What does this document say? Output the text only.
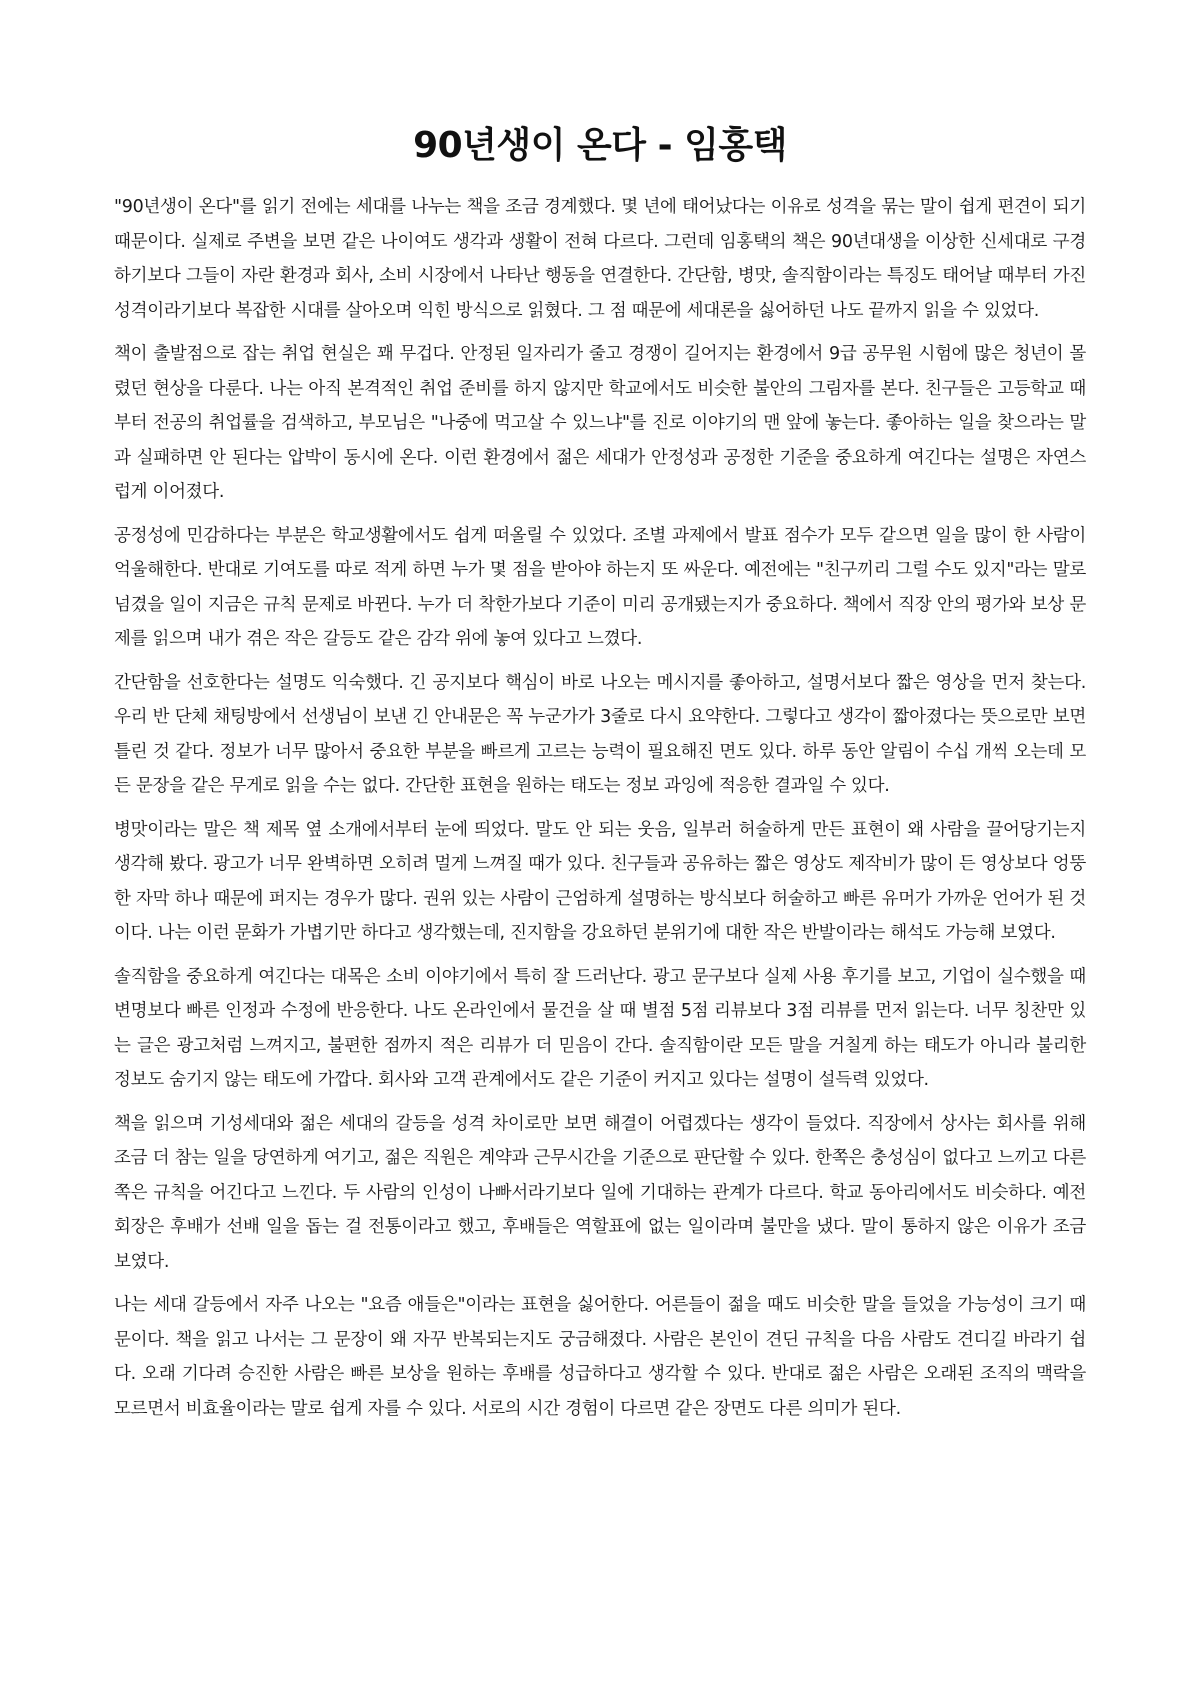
90년생이 온다 - 임홍택

"90년생이 온다"를 읽기 전에는 세대를 나누는 책을 조금 경계했다. 몇 년에 태어났다는 이유로 성격을 묶는 말이 쉽게 편견이 되기 때문이다. 실제로 주변을 보면 같은 나이여도 생각과 생활이 전혀 다르다. 그런데 임홍택의 책은 90년대생을 이상한 신세대로 구경하기보다 그들이 자란 환경과 회사, 소비 시장에서 나타난 행동을 연결한다. 간단함, 병맛, 솔직함이라는 특징도 태어날 때부터 가진 성격이라기보다 복잡한 시대를 살아오며 익힌 방식으로 읽혔다. 그 점 때문에 세대론을 싫어하던 나도 끝까지 읽을 수 있었다.

책이 출발점으로 잡는 취업 현실은 꽤 무겁다. 안정된 일자리가 줄고 경쟁이 길어지는 환경에서 9급 공무원 시험에 많은 청년이 몰렸던 현상을 다룬다. 나는 아직 본격적인 취업 준비를 하지 않지만 학교에서도 비슷한 불안의 그림자를 본다. 친구들은 고등학교 때부터 전공의 취업률을 검색하고, 부모님은 "나중에 먹고살 수 있느냐"를 진로 이야기의 맨 앞에 놓는다. 좋아하는 일을 찾으라는 말과 실패하면 안 된다는 압박이 동시에 온다. 이런 환경에서 젊은 세대가 안정성과 공정한 기준을 중요하게 여긴다는 설명은 자연스럽게 이어졌다.

공정성에 민감하다는 부분은 학교생활에서도 쉽게 떠올릴 수 있었다. 조별 과제에서 발표 점수가 모두 같으면 일을 많이 한 사람이 억울해한다. 반대로 기여도를 따로 적게 하면 누가 몇 점을 받아야 하는지 또 싸운다. 예전에는 "친구끼리 그럴 수도 있지"라는 말로 넘겼을 일이 지금은 규칙 문제로 바뀐다. 누가 더 착한가보다 기준이 미리 공개됐는지가 중요하다. 책에서 직장 안의 평가와 보상 문제를 읽으며 내가 겪은 작은 갈등도 같은 감각 위에 놓여 있다고 느꼈다.

간단함을 선호한다는 설명도 익숙했다. 긴 공지보다 핵심이 바로 나오는 메시지를 좋아하고, 설명서보다 짧은 영상을 먼저 찾는다. 우리 반 단체 채팅방에서 선생님이 보낸 긴 안내문은 꼭 누군가가 3줄로 다시 요약한다. 그렇다고 생각이 짧아졌다는 뜻으로만 보면 틀린 것 같다. 정보가 너무 많아서 중요한 부분을 빠르게 고르는 능력이 필요해진 면도 있다. 하루 동안 알림이 수십 개씩 오는데 모든 문장을 같은 무게로 읽을 수는 없다. 간단한 표현을 원하는 태도는 정보 과잉에 적응한 결과일 수 있다.

병맛이라는 말은 책 제목 옆 소개에서부터 눈에 띄었다. 말도 안 되는 웃음, 일부러 허술하게 만든 표현이 왜 사람을 끌어당기는지 생각해 봤다. 광고가 너무 완벽하면 오히려 멀게 느껴질 때가 있다. 친구들과 공유하는 짧은 영상도 제작비가 많이 든 영상보다 엉뚱한 자막 하나 때문에 퍼지는 경우가 많다. 권위 있는 사람이 근엄하게 설명하는 방식보다 허술하고 빠른 유머가 가까운 언어가 된 것이다. 나는 이런 문화가 가볍기만 하다고 생각했는데, 진지함을 강요하던 분위기에 대한 작은 반발이라는 해석도 가능해 보였다.

솔직함을 중요하게 여긴다는 대목은 소비 이야기에서 특히 잘 드러난다. 광고 문구보다 실제 사용 후기를 보고, 기업이 실수했을 때 변명보다 빠른 인정과 수정에 반응한다. 나도 온라인에서 물건을 살 때 별점 5점 리뷰보다 3점 리뷰를 먼저 읽는다. 너무 칭찬만 있는 글은 광고처럼 느껴지고, 불편한 점까지 적은 리뷰가 더 믿음이 간다. 솔직함이란 모든 말을 거칠게 하는 태도가 아니라 불리한 정보도 숨기지 않는 태도에 가깝다. 회사와 고객 관계에서도 같은 기준이 커지고 있다는 설명이 설득력 있었다.

책을 읽으며 기성세대와 젊은 세대의 갈등을 성격 차이로만 보면 해결이 어렵겠다는 생각이 들었다. 직장에서 상사는 회사를 위해 조금 더 참는 일을 당연하게 여기고, 젊은 직원은 계약과 근무시간을 기준으로 판단할 수 있다. 한쪽은 충성심이 없다고 느끼고 다른 쪽은 규칙을 어긴다고 느낀다. 두 사람의 인성이 나빠서라기보다 일에 기대하는 관계가 다르다. 학교 동아리에서도 비슷하다. 예전 회장은 후배가 선배 일을 돕는 걸 전통이라고 했고, 후배들은 역할표에 없는 일이라며 불만을 냈다. 말이 통하지 않은 이유가 조금 보였다.

나는 세대 갈등에서 자주 나오는 "요즘 애들은"이라는 표현을 싫어한다. 어른들이 젊을 때도 비슷한 말을 들었을 가능성이 크기 때문이다. 책을 읽고 나서는 그 문장이 왜 자꾸 반복되는지도 궁금해졌다. 사람은 본인이 견딘 규칙을 다음 사람도 견디길 바라기 쉽다. 오래 기다려 승진한 사람은 빠른 보상을 원하는 후배를 성급하다고 생각할 수 있다. 반대로 젊은 사람은 오래된 조직의 맥락을 모르면서 비효율이라는 말로 쉽게 자를 수 있다. 서로의 시간 경험이 다르면 같은 장면도 다른 의미가 된다.
